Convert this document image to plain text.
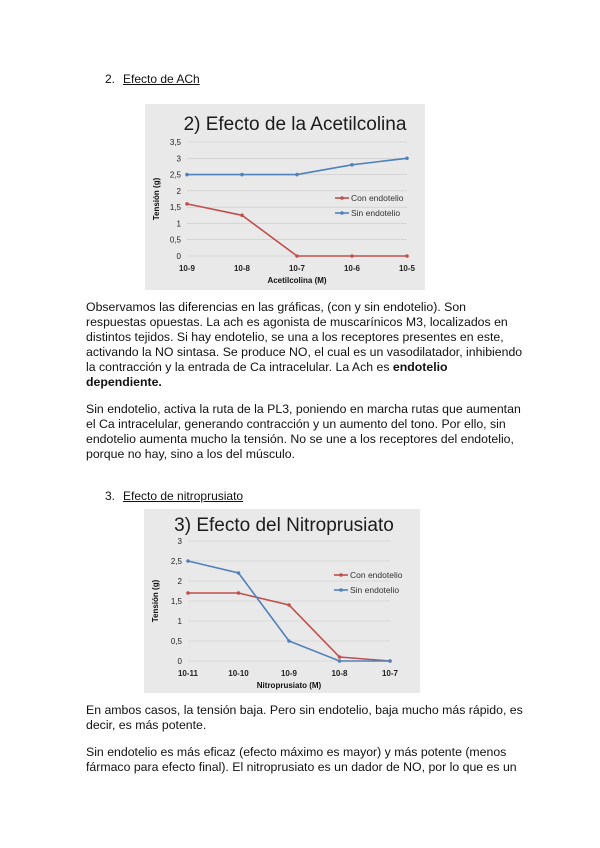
2. Efecto de ACh
2) Efecto de la Acetilcolina
0
0,5
1
1,5
2
2,5
3
3,5
10-9	10-8	10-7	10-6	10-5
Acetilcolina (M)
Tensión (g)	Con endotelio
Sin endotelio

Observamos las diferencias en las gráficas, (con y sin endotelio). Son respuestas opuestas. La ach es agonista de muscarínicos M3, localizados en distintos tejidos. Si hay endotelio, se una a los receptores presentes en este, activando la NO sintasa. Se produce NO, el cual es un vasodilatador, inhibiendo la contracción y la entrada de Ca intracelular. La Ach es endotelio dependiente.

Sin endotelio, activa la ruta de la PL3, poniendo en marcha rutas que aumentan el Ca intracelular, generando contracción y un aumento del tono. Por ello, sin endotelio aumenta mucho la tensión. No se une a los receptores del endotelio, porque no hay, sino a los del músculo.

3. Efecto de nitroprusiato
3) Efecto del Nitroprusiato
0
0,5
1
1,5
2
2,5
3
10-11	10-10	10-9	10-8	10-7
Nitroprusiato (M)
Tensión (g)
Con endotelio
Sin endotelio

En ambos casos, la tensión baja. Pero sin endotelio, baja mucho más rápido, es decir, es más potente.

Sin endotelio es más eficaz (efecto máximo es mayor) y más potente (menos fármaco para efecto final). El nitroprusiato es un dador de NO, por lo que es un
